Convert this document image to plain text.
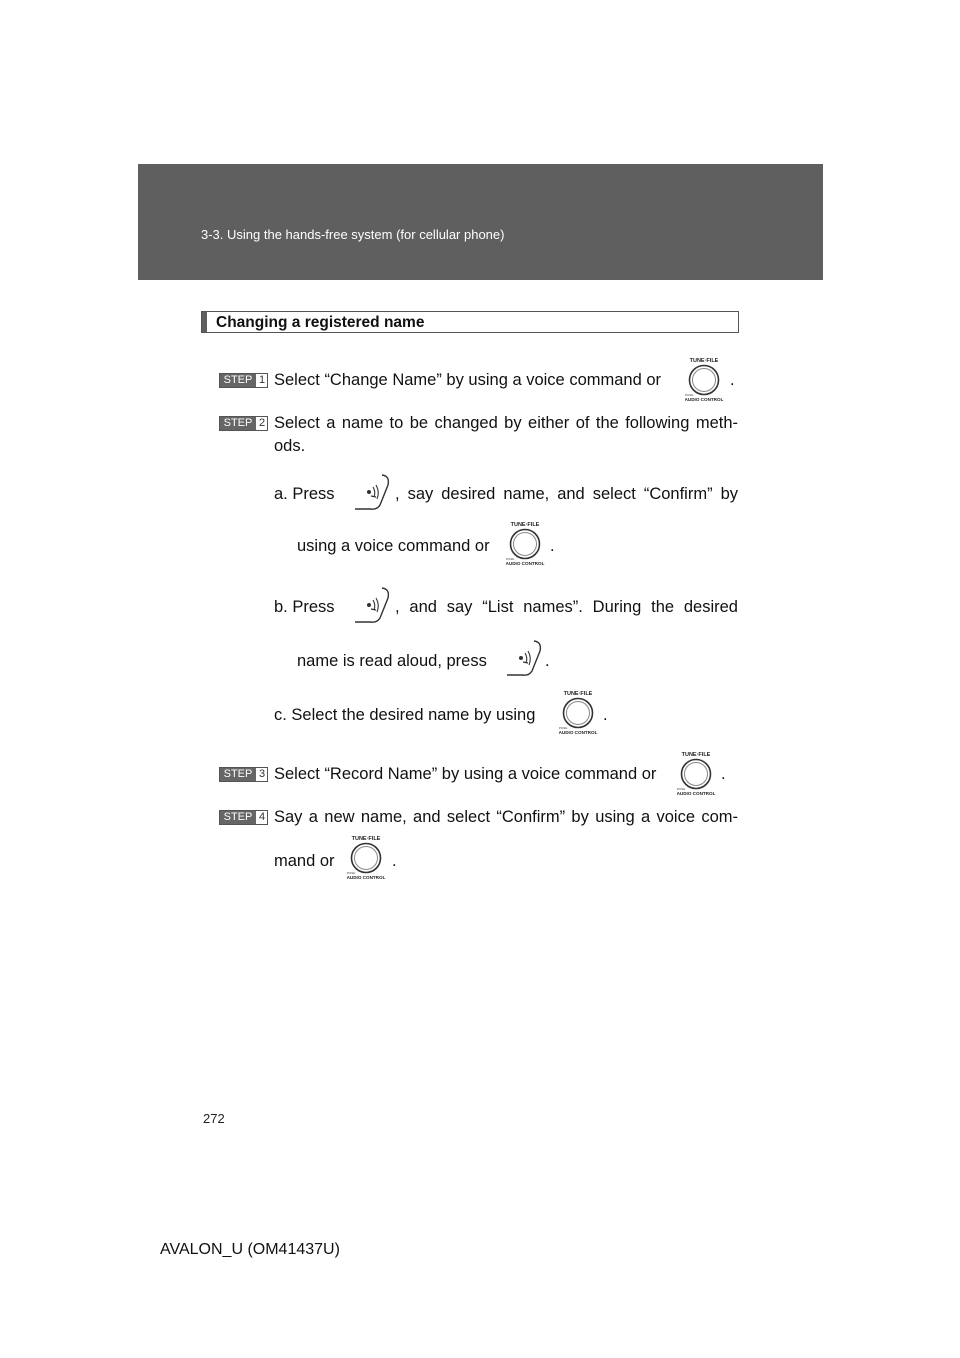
3-3. Using the hands-free system (for cellular phone)
Changing a registered name
STEP 1 Select “Change Name” by using a voice command or
TUNE·FILE
PUSH
AUDIO CONTROL
.
STEP 2 Select a name to be changed by either of the following meth-
ods.
a. Press	, say desired name, and select “Confirm” by
using a voice command or
TUNE·FILE
PUSH
AUDIO CONTROL
.
b. Press	, and say “List names”. During the desired
name is read aloud, press	.
c. Select the desired name by using
TUNE·FILE
PUSH
AUDIO CONTROL
.
STEP 3 Select “Record Name” by using a voice command or
TUNE·FILE
PUSH
AUDIO CONTROL
.
STEP 4 Say a new name, and select “Confirm” by using a voice com-
mand or
TUNE·FILE
PUSH
AUDIO CONTROL
.
272
AVALON_U (OM41437U)
